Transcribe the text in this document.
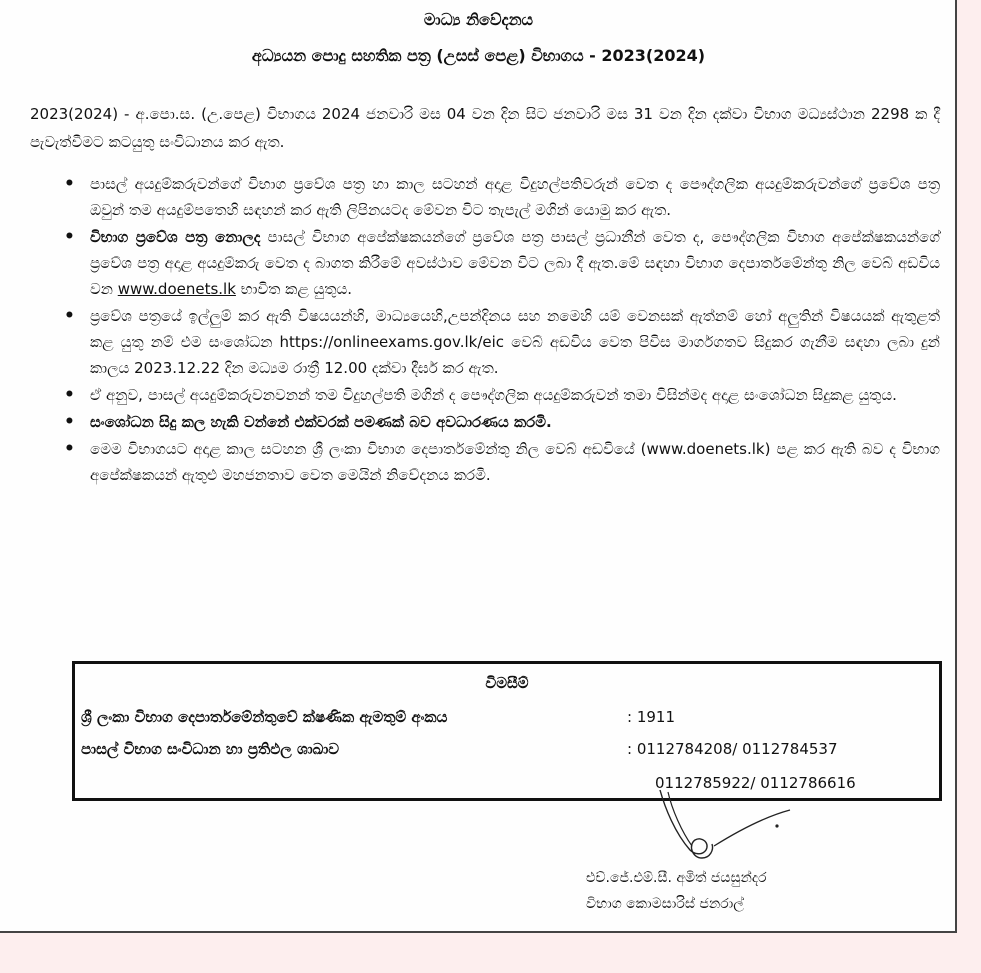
මාධ්‍ය නිවේදනය
අධ්‍යයන පොදු සහතික පත්‍ර (උසස් පෙළ) විභාගය - 2023(2024)
2023(2024) - අ.පො.ස. (උ.පෙළ) විභාගය 2024 ජනවාරි මස 04 වන දින සිට ජනවාරි මස 31 වන දින දක්වා විභාග මධ්‍යස්ථාන 2298 ක දී පැවැත්වීමට කටයුතු සංවිධානය කර ඇත.
• පාසල් අයදුම්කරුවන්ගේ විභාග ප්‍රවේශ පත්‍ර හා කාල සටහන් අදාළ විදුහල්පතිවරුන් වෙත ද පෞද්ගලික අයදුම්කරුවන්ගේ ප්‍රවේශ පත්‍ර ඔවුන් තම අයදුම්පතෙහි සඳහන් කර ඇති ලිපිනයටද මේවන විට තැපැල් මගින් යොමු කර ඇත.
• විභාග ප්‍රවේශ පත්‍ර නොලද පාසල් විභාග අපේක්ෂකයන්ගේ ප්‍රවේශ පත්‍ර පාසල් ප්‍රධානීන් වෙත ද, පෞද්ගලික විභාග අපේක්ෂකයන්ගේ ප්‍රවේශ පත්‍ර අදාළ අයදුම්කරු වෙත ද බාගත කිරීමේ අවස්ථාව මේවන විට ලබා දී ඇත.මේ සඳහා විභාග දෙපාර්තමේන්තු නිල වෙබ් අඩවිය වන www.doenets.lk භාවිත කළ යුතුය.
• ප්‍රවේශ පත්‍රයේ ඉල්ලුම් කර ඇති විෂයයන්හි, මාධ්‍යයෙහි,උපන්දිනය සහ නමෙහි යම් වෙනසක් ඇත්නම් හෝ අලුතින් විෂයයක් ඇතුළත් කළ යුතු නම් එම සංශෝධන https://onlineexams.gov.lk/eic වෙබ් අඩවිය වෙත පිවිස මාර්ගගතව සිදුකර ගැනීම සඳහා ලබා දුන් කාලය 2023.12.22 දින මධ්‍යම රාත්‍රී 12.00 දක්වා දීර්ඝ කර ඇත.
• ඒ අනුව, පාසල් අයදුම්කරුවනවනන් තම විදුහල්පති මගින් ද පෞද්ගලික අයදුම්කරුවන් තමා විසින්මද අදාළ සංශෝධන සිදුකළ යුතුය.
• සංශෝධන සිදු කල හැකි වන්නේ එක්වරක් පමණක් බව අවධාරණය කරමි.
• මෙම විභාගයට අදාළ කාල සටහන ශ්‍රී ලංකා විභාග දෙපාර්තමේන්තු නිල වෙබ් අඩවියේ (www.doenets.lk) පළ කර ඇති බව ද විභාග අපේක්ෂකයන් ඇතුළු මහජනතාව වෙත මෙයින් නිවේදනය කරමි.
විමසීම්
ශ්‍රී ලංකා විභාග දෙපාර්තමේන්තුවේ ක්ෂණික ඇමතුම් අංකය	: 1911
පාසල් විභාග සංවිධාන හා ප්‍රතිඵල ශාඛාව	: 0112784208/ 0112784537
0112785922/ 0112786616
එච්.ජේ.එම්.සී. අමිත් ජයසුන්දර
විභාග කොමසාරිස් ජනරාල්
